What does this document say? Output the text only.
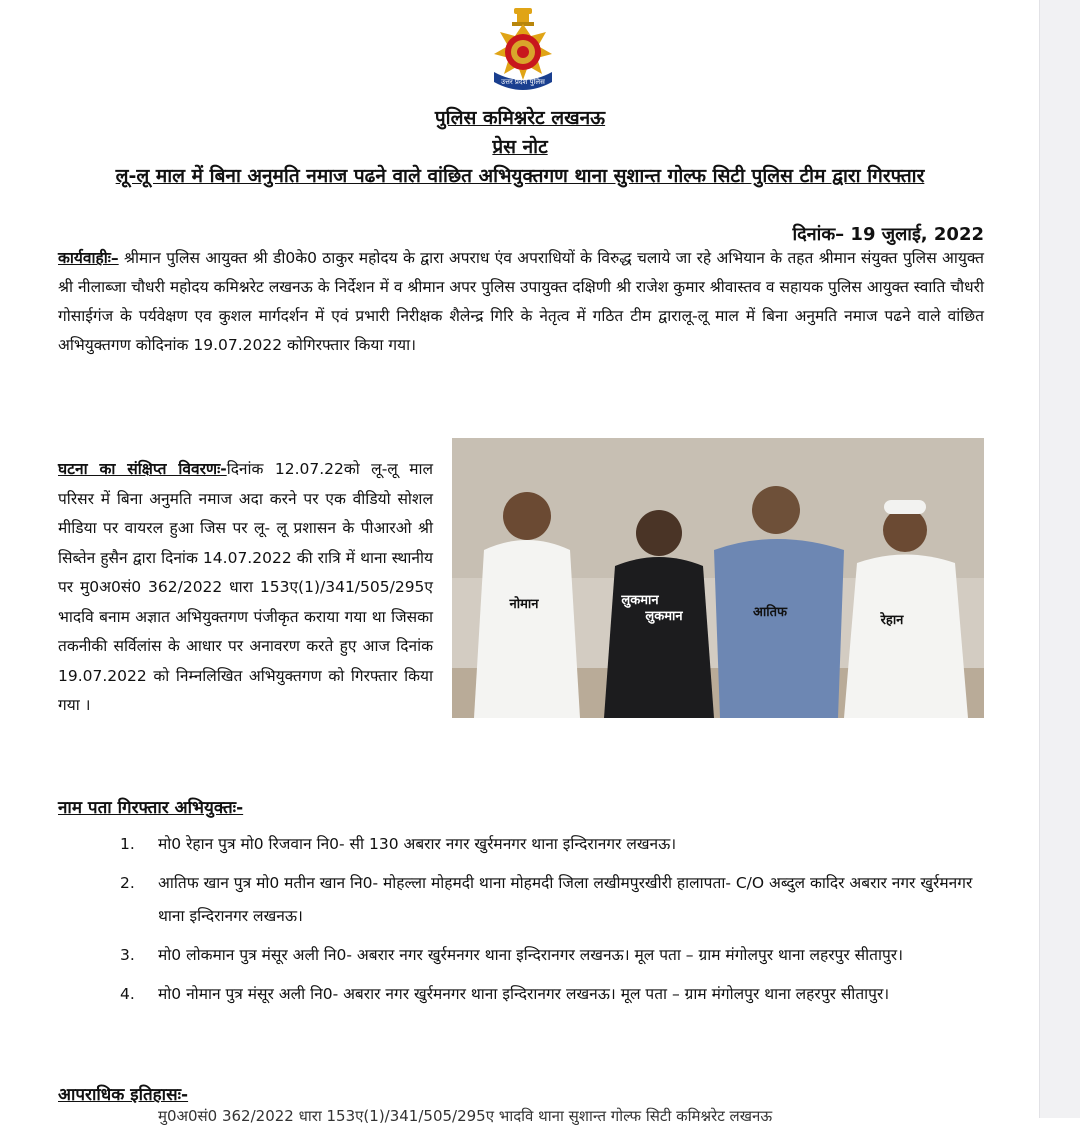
उत्तर प्रदेश पुलिस
पुलिस कमिश्नरेट लखनऊ
प्रेस नोट
लू-लू माल में बिना अनुमति नमाज पढने वाले वांछित अभियुक्तगण थाना सुशान्त गोल्फ सिटी पुलिस टीम द्वारा गिरफ्तार
दिनांक– 19 जुलाई, 2022
कार्यवाहीः– श्रीमान पुलिस आयुक्त श्री डी0के0 ठाकुर महोदय के द्वारा अपराध एंव अपराधियों के विरुद्ध चलाये जा रहे अभियान के तहत श्रीमान संयुक्त पुलिस आयुक्त श्री नीलाब्जा चौधरी महोदय कमिश्नरेट लखनऊ के निर्देशन में व श्रीमान अपर पुलिस उपायुक्त दक्षिणी श्री राजेश कुमार श्रीवास्तव व सहायक पुलिस आयुक्त स्वाति चौधरी गोसाईगंज के पर्यवेक्षण एव कुशल मार्गदर्शन में एवं प्रभारी निरीक्षक शैलेन्द्र गिरि के नेतृत्व में गठित टीम द्वारालू-लू माल में बिना अनुमति नमाज पढने वाले वांछित अभियुक्तगण कोदिनांक 19.07.2022 कोगिरफ्तार किया गया।
घटना का संक्षिप्त विवरणः-दिनांक 12.07.22को लू-लू माल परिसर में बिना अनुमति नमाज अदा करने पर एक वीडियो सोशल मीडिया पर वायरल हुआ जिस पर लू- लू प्रशासन के पीआरओ श्री सिब्तेन हुसैन द्वारा दिनांक 14.07.2022 की रात्रि में थाना स्थानीय पर मु0अ0सं0 362/2022 धारा 153ए(1)/341/505/295ए भादवि बनाम अज्ञात अभियुक्तगण पंजीकृत कराया गया था जिसका तकनीकी सर्विलांस के आधार पर अनावरण करते हुए आज दिनांक 19.07.2022 को निम्नलिखित अभियुक्तगण को गिरफ्तार किया गया ।
नोमान	लुकमान
लुकमान	आतिफ
रेहान
नाम पता गिरफ्तार अभियुक्तः-
1. मो0 रेहान पुत्र मो0 रिजवान नि0- सी 130 अबरार नगर खुर्रमनगर थाना इन्दिरानगर लखनऊ।
2. आतिफ खान पुत्र मो0 मतीन खान नि0- मोहल्ला मोहमदी थाना मोहमदी जिला लखीमपुरखीरी हालापता- C/O अब्दुल कादिर अबरार नगर खुर्रमनगर थाना इन्दिरानगर लखनऊ।
3. मो0 लोकमान पुत्र मंसूर अली नि0- अबरार नगर खुर्रमनगर थाना इन्दिरानगर लखनऊ। मूल पता – ग्राम मंगोलपुर थाना लहरपुर सीतापुर।
4. मो0 नोमान पुत्र मंसूर अली नि0- अबरार नगर खुर्रमनगर थाना इन्दिरानगर लखनऊ। मूल पता – ग्राम मंगोलपुर थाना लहरपुर सीतापुर।
आपराधिक इतिहासः-
मु0अ0सं0 362/2022 धारा 153ए(1)/341/505/295ए भादवि थाना सुशान्त गोल्फ सिटी कमिश्नरेट लखनऊ
